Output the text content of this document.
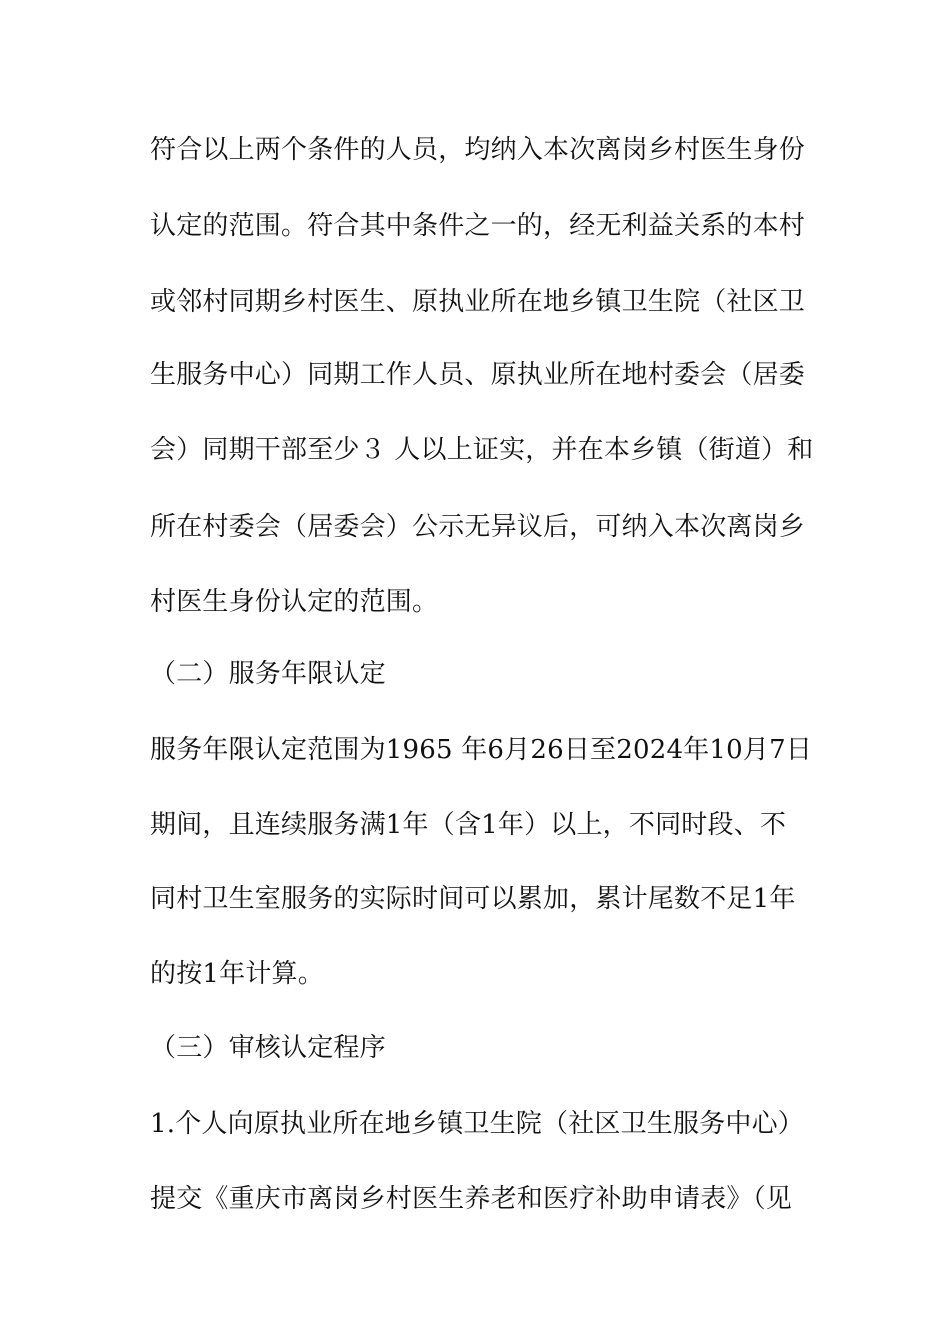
符合以上两个条件的人员，均纳入本次离岗乡村医生身份

认定的范围。符合其中条件之一的，经无利益关系的本村

或邻村同期乡村医生、原执业所在地乡镇卫生院（社区卫

生服务中心）同期工作人员、原执业所在地村委会（居委

会）同期干部至少３ 人以上证实，并在本乡镇（街道）和

所在村委会（居委会）公示无异议后，可纳入本次离岗乡

村医生身份认定的范围。

（二）服务年限认定

服务年限认定范围为1965 年6月26日至2024年10月7日

期间，且连续服务满1年（含1年）以上，不同时段、不

同村卫生室服务的实际时间可以累加，累计尾数不足1年

的按1年计算。

（三）审核认定程序

1.个人向原执业所在地乡镇卫生院（社区卫生服务中心）

提交《重庆市离岗乡村医生养老和医疗补助申请表》（见
